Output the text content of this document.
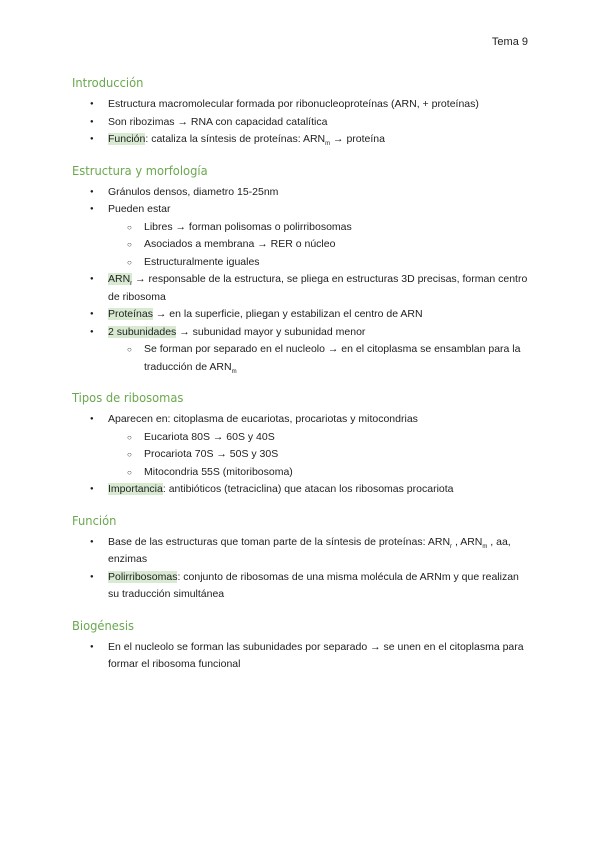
Tema 9
Introducción
● Estructura macromolecular formada por ribonucleoproteínas (ARN, + proteínas)
● Son ribozimas → RNA con capacidad catalítica
● Función: cataliza la síntesis de proteínas: $ARN_m$ → proteína
Estructura y morfología
● Gránulos densos, diametro 15-25nm
● Pueden estar
○ Libres → forman polisomas o polirribosomas
○ Asociados a membrana → RER o núcleo
○ Estructuralmente iguales
● $ARN_r$ → responsable de la estructura, se pliega en estructuras 3D precisas, forman centro de ribosoma
● Proteínas → en la superficie, pliegan y estabilizan el centro de ARN
● 2 subunidades → subunidad mayor y subunidad menor
○ Se forman por separado en el nucleolo → en el citoplasma se ensamblan para la traducción de $ARN_m$
Tipos de ribosomas
● Aparecen en: citoplasma de eucariotas, procariotas y mitocondrias
○ Eucariota 80S → 60S y 40S
○ Procariota 70S → 50S y 30S
○ Mitocondria 55S (mitoribosoma)
● Importancia: antibióticos (tetraciclina) que atacan los ribosomas procariota
Función
● Base de las estructuras que toman parte de la síntesis de proteínas: $ARN_r$ , $ARN_m$ , aa, enzimas
● Polirribosomas: conjunto de ribosomas de una misma molécula de ARNm y que realizan su traducción simultánea
Biogénesis
● En el nucleolo se forman las subunidades por separado → se unen en el citoplasma para formar el ribosoma funcional
